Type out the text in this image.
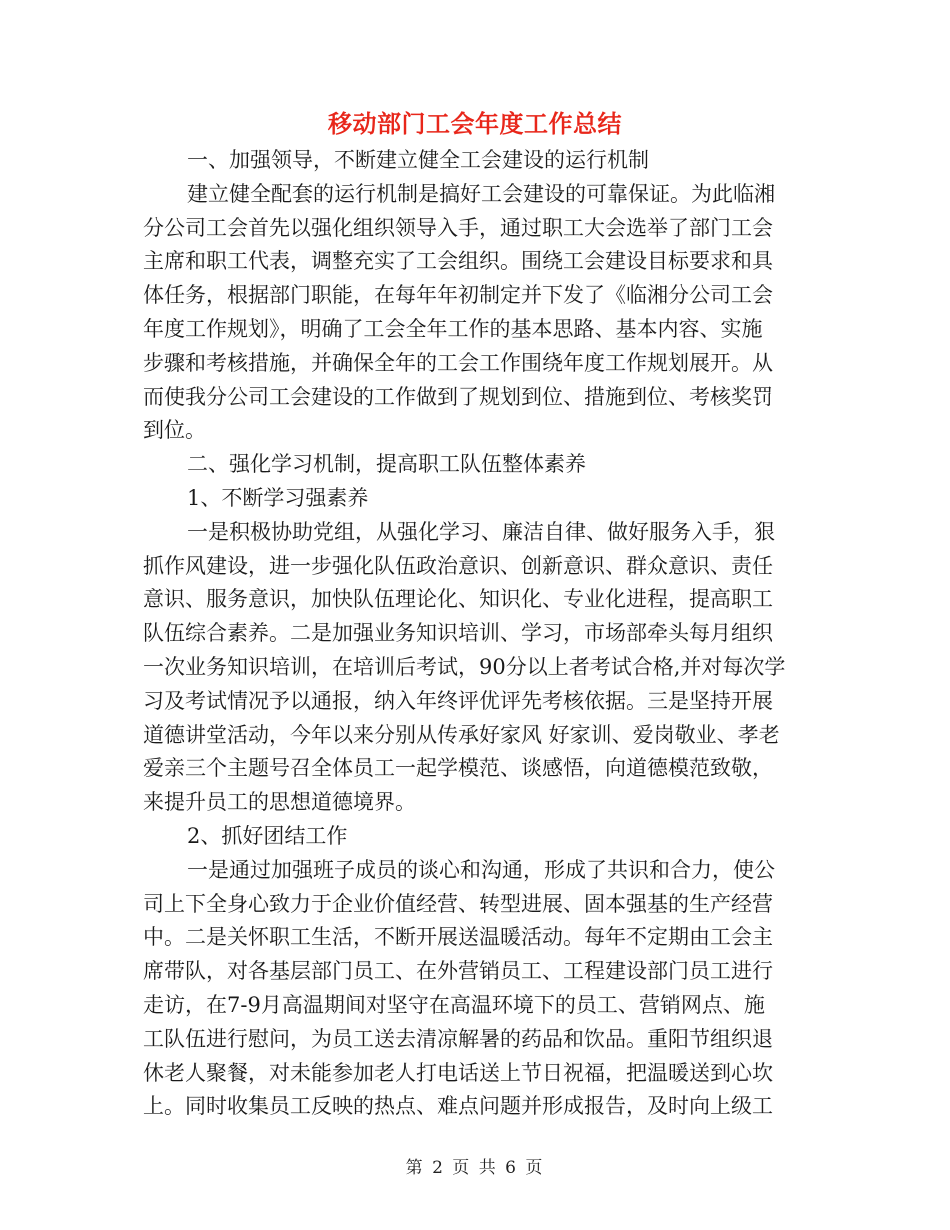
移动部门工会年度工作总结

一、加强领导，不断建立健全工会建设的运行机制

建立健全配套的运行机制是搞好工会建设的可靠保证。为此临湘

分公司工会首先以强化组织领导入手，通过职工大会选举了部门工会

主席和职工代表，调整充实了工会组织。围绕工会建设目标要求和具

体任务，根据部门职能，在每年年初制定并下发了《临湘分公司工会

年度工作规划》，明确了工会全年工作的基本思路、基本内容、实施

步骤和考核措施，并确保全年的工会工作围绕年度工作规划展开。从

而使我分公司工会建设的工作做到了规划到位、措施到位、考核奖罚

到位。

二、强化学习机制，提高职工队伍整体素养

1、不断学习强素养

一是积极协助党组，从强化学习、廉洁自律、做好服务入手，狠

抓作风建设，进一步强化队伍政治意识、创新意识、群众意识、责任

意识、服务意识，加快队伍理论化、知识化、专业化进程，提高职工

队伍综合素养。二是加强业务知识培训、学习，市场部牵头每月组织

一次业务知识培训，在培训后考试，90分以上者考试合格,并对每次学

习及考试情况予以通报，纳入年终评优评先考核依据。三是坚持开展

道德讲堂活动，今年以来分别从传承好家风 好家训、爱岗敬业、孝老

爱亲三个主题号召全体员工一起学模范、谈感悟，向道德模范致敬，

来提升员工的思想道德境界。

2、抓好团结工作

一是通过加强班子成员的谈心和沟通，形成了共识和合力，使公

司上下全身心致力于企业价值经营、转型进展、固本强基的生产经营

中。二是关怀职工生活，不断开展送温暖活动。每年不定期由工会主

席带队，对各基层部门员工、在外营销员工、工程建设部门员工进行

走访，在7-9月高温期间对坚守在高温环境下的员工、营销网点、施

工队伍进行慰问，为员工送去清凉解暑的药品和饮品。重阳节组织退

休老人聚餐，对未能参加老人打电话送上节日祝福，把温暖送到心坎

上。同时收集员工反映的热点、难点问题并形成报告，及时向上级工

第 2 页 共 6 页
